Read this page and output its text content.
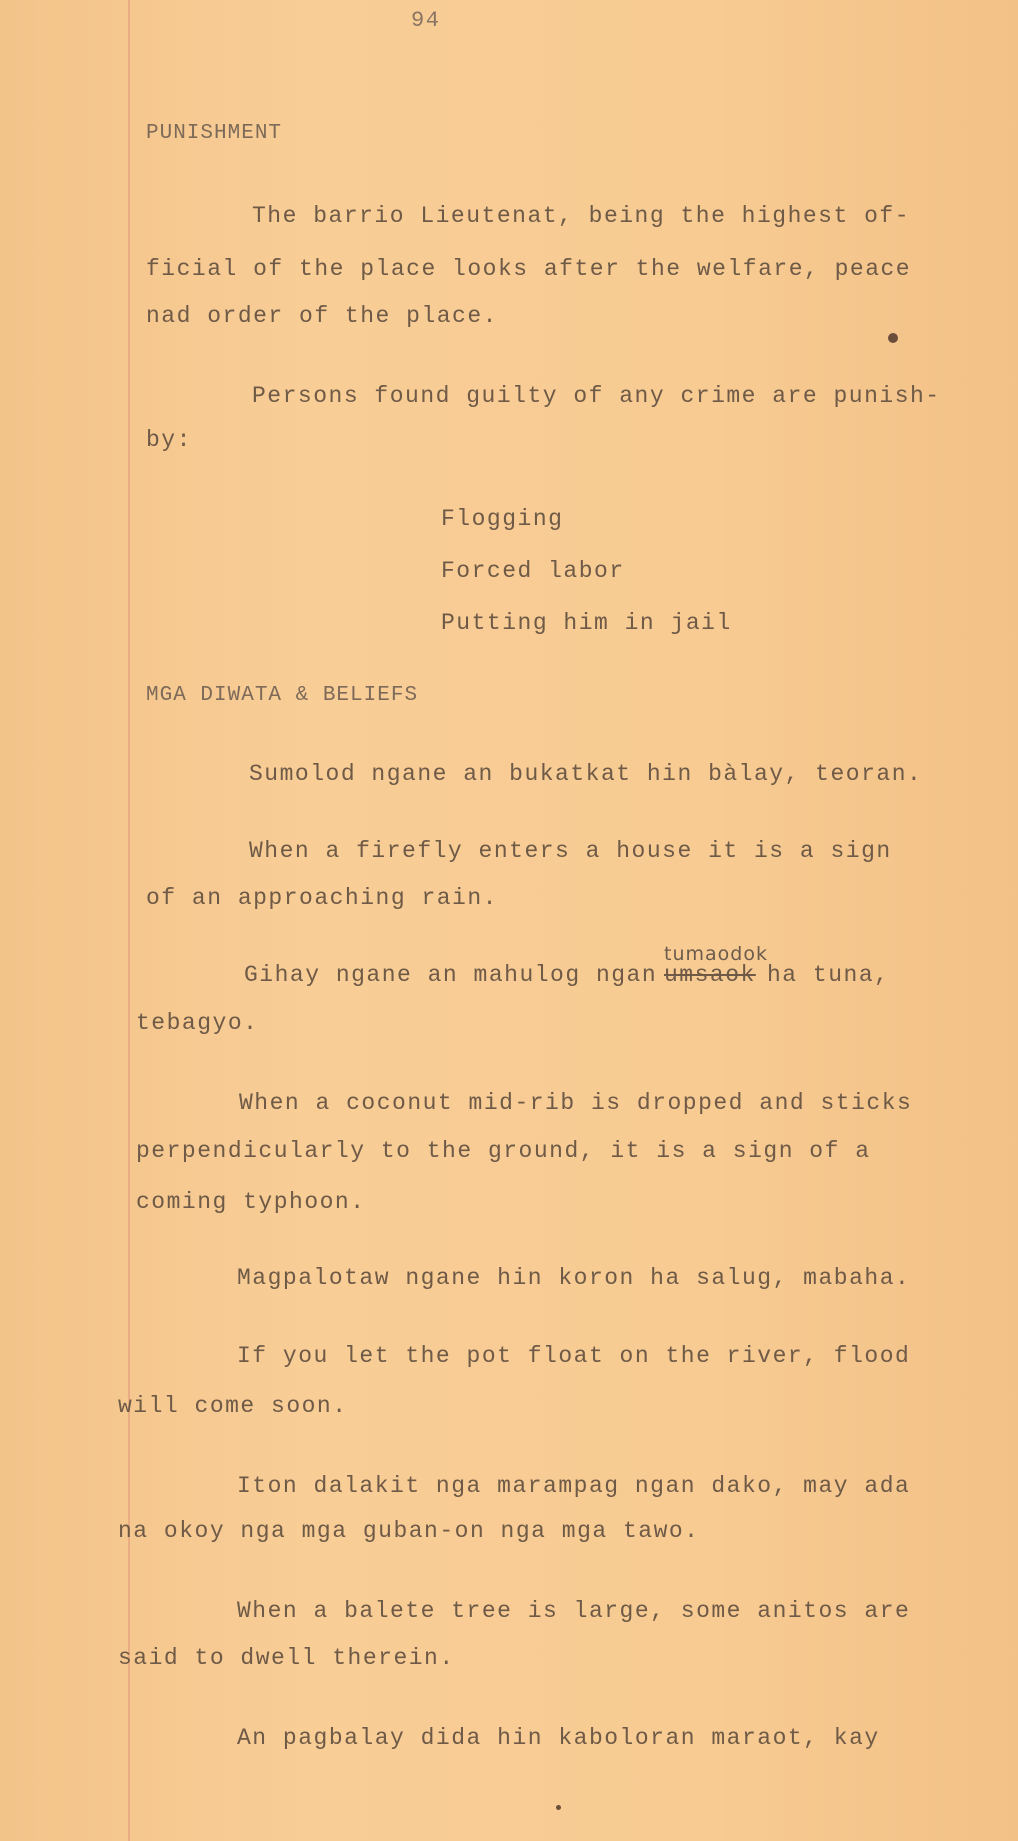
94
PUNISHMENT
The barrio Lieutenat, being the highest of-
ficial of the place looks after the welfare, peace
nad order of the place.
Persons found guilty of any crime are punish-
by:
Flogging
Forced labor
Putting him in jail
MGA DIWATA & BELIEFS
Sumolod ngane an bukatkat hin bàlay, teoran.
When a firefly enters a house it is a sign
of an approaching rain.
Gihay ngane an mahulog ngan
tumaodok
umsaok ha tuna,
tebagyo.
When a coconut mid-rib is dropped and sticks
perpendicularly to the ground, it is a sign of a
coming typhoon.
Magpalotaw ngane hin koron ha salug, mabaha.
If you let the pot float on the river, flood
will come soon.
Iton dalakit nga marampag ngan dako, may ada
na okoy nga mga guban-on nga mga tawo.
When a balete tree is large, some anitos are
said to dwell therein.
An pagbalay dida hin kaboloran maraot, kay
